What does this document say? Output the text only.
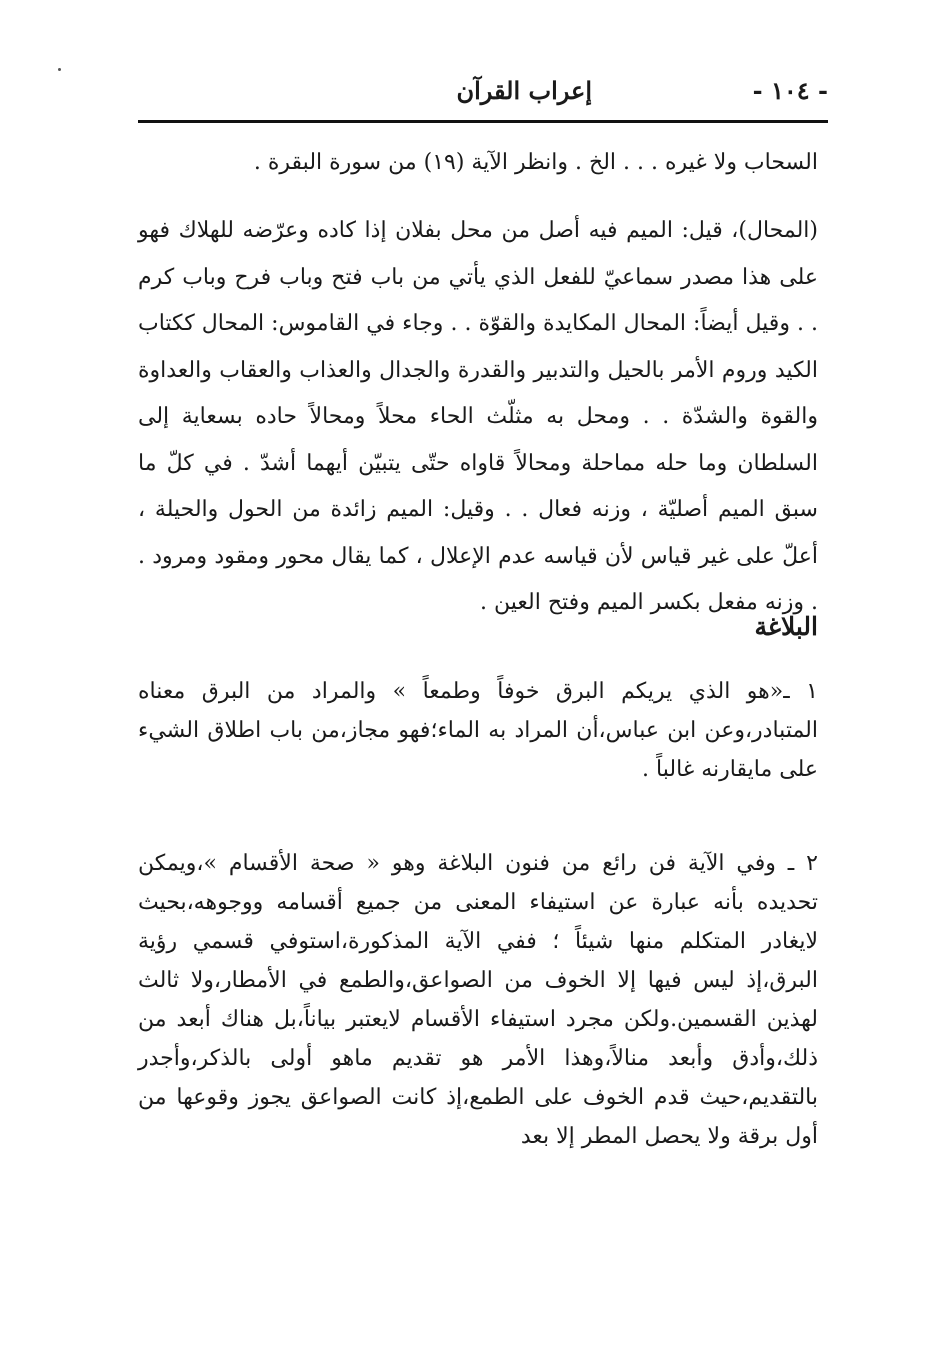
- ١٠٤ -
إعراب القرآن

السحاب ولا غيره . . . الخ . وانظر الآية (١٩) من سورة البقرة .

(المحال)، قيل: الميم فيه أصل من محل بفلان إذا كاده وعرّضه للهلاك فهو على هذا مصدر سماعيّ للفعل الذي يأتي من باب فتح وباب فرح وباب كرم . . وقيل أيضاً: المحال المكايدة والقوّة . . وجاء في القاموس: المحال ككتاب الكيد وروم الأمر بالحيل والتدبير والقدرة والجدال والعذاب والعقاب والعداوة والقوة والشدّة . . ومحل به مثلّث الحاء محلاً ومحالاً حاده بسعاية إلى السلطان وما حله مماحلة ومحالاً قاواه حتّى يتبيّن أيهما أشدّ . في كلّ ما سبق الميم أصليّة ، وزنه فعال . . وقيل: الميم زائدة من الحول والحيلة ، أعلّ على غير قياس لأن قياسه عدم الإعلال ، كما يقال محور ومقود ومرود . . وزنه مفعل بكسر الميم وفتح العين .

البلاغة

١ ـ«هو الذي يريكم البرق خوفاً وطمعاً » والمراد من البرق معناه المتبادر،وعن ابن عباس،أن المراد به الماء؛فهو مجاز،من باب اطلاق الشيء على مايقارنه غالباً .

٢ ـ وفي الآية فن رائع من فنون البلاغة وهو « صحة الأقسام »،ويمكن تحديده بأنه عبارة عن استيفاء المعنى من جميع أقسامه ووجوهه،بحيث لايغادر المتكلم منها شيئاً ؛ ففي الآية المذكورة،استوفي قسمي رؤية البرق،إذ ليس فيها إلا الخوف من الصواعق،والطمع في الأمطار،ولا ثالث لهذين القسمين.ولكن مجرد استيفاء الأقسام لايعتبر بياناً،بل هناك أبعد من ذلك،وأدق وأبعد منالاً،وهذا الأمر هو تقديم ماهو أولى بالذكر،وأجدر بالتقديم،حيث قدم الخوف على الطمع،إذ كانت الصواعق يجوز وقوعها من أول برقة ولا يحصل المطر إلا بعد
